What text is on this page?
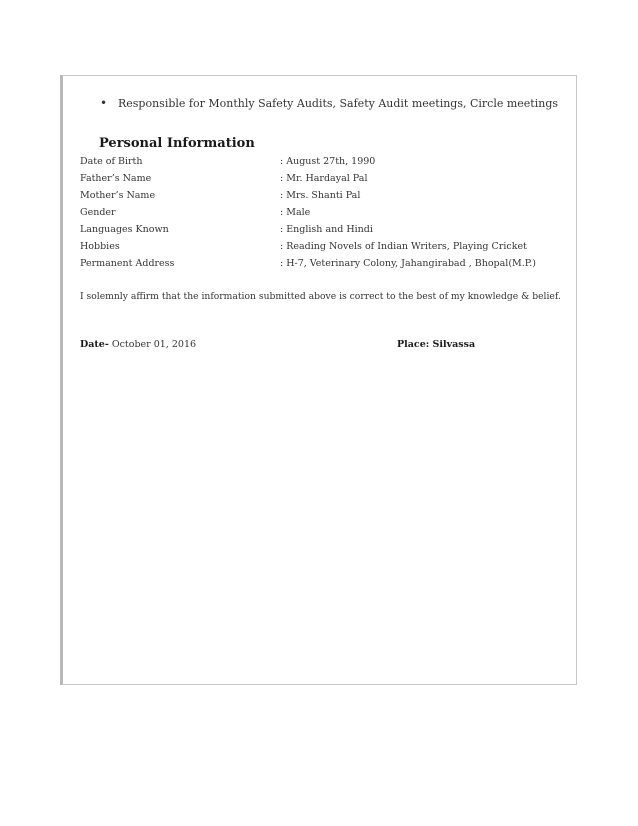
• Responsible for Monthly Safety Audits, Safety Audit meetings, Circle meetings
Personal Information
Date of Birth	: August 27th, 1990
Father’s Name	: Mr. Hardayal Pal
Mother’s Name	: Mrs. Shanti Pal
Gender	: Male
Languages Known	: English and Hindi
Hobbies	: Reading Novels of Indian Writers, Playing Cricket
Permanent Address	: H-7, Veterinary Colony, Jahangirabad , Bhopal(M.P.)
I solemnly affirm that the information submitted above is correct to the best of my knowledge & belief.
Date- October 01, 2016	Place: Silvassa
